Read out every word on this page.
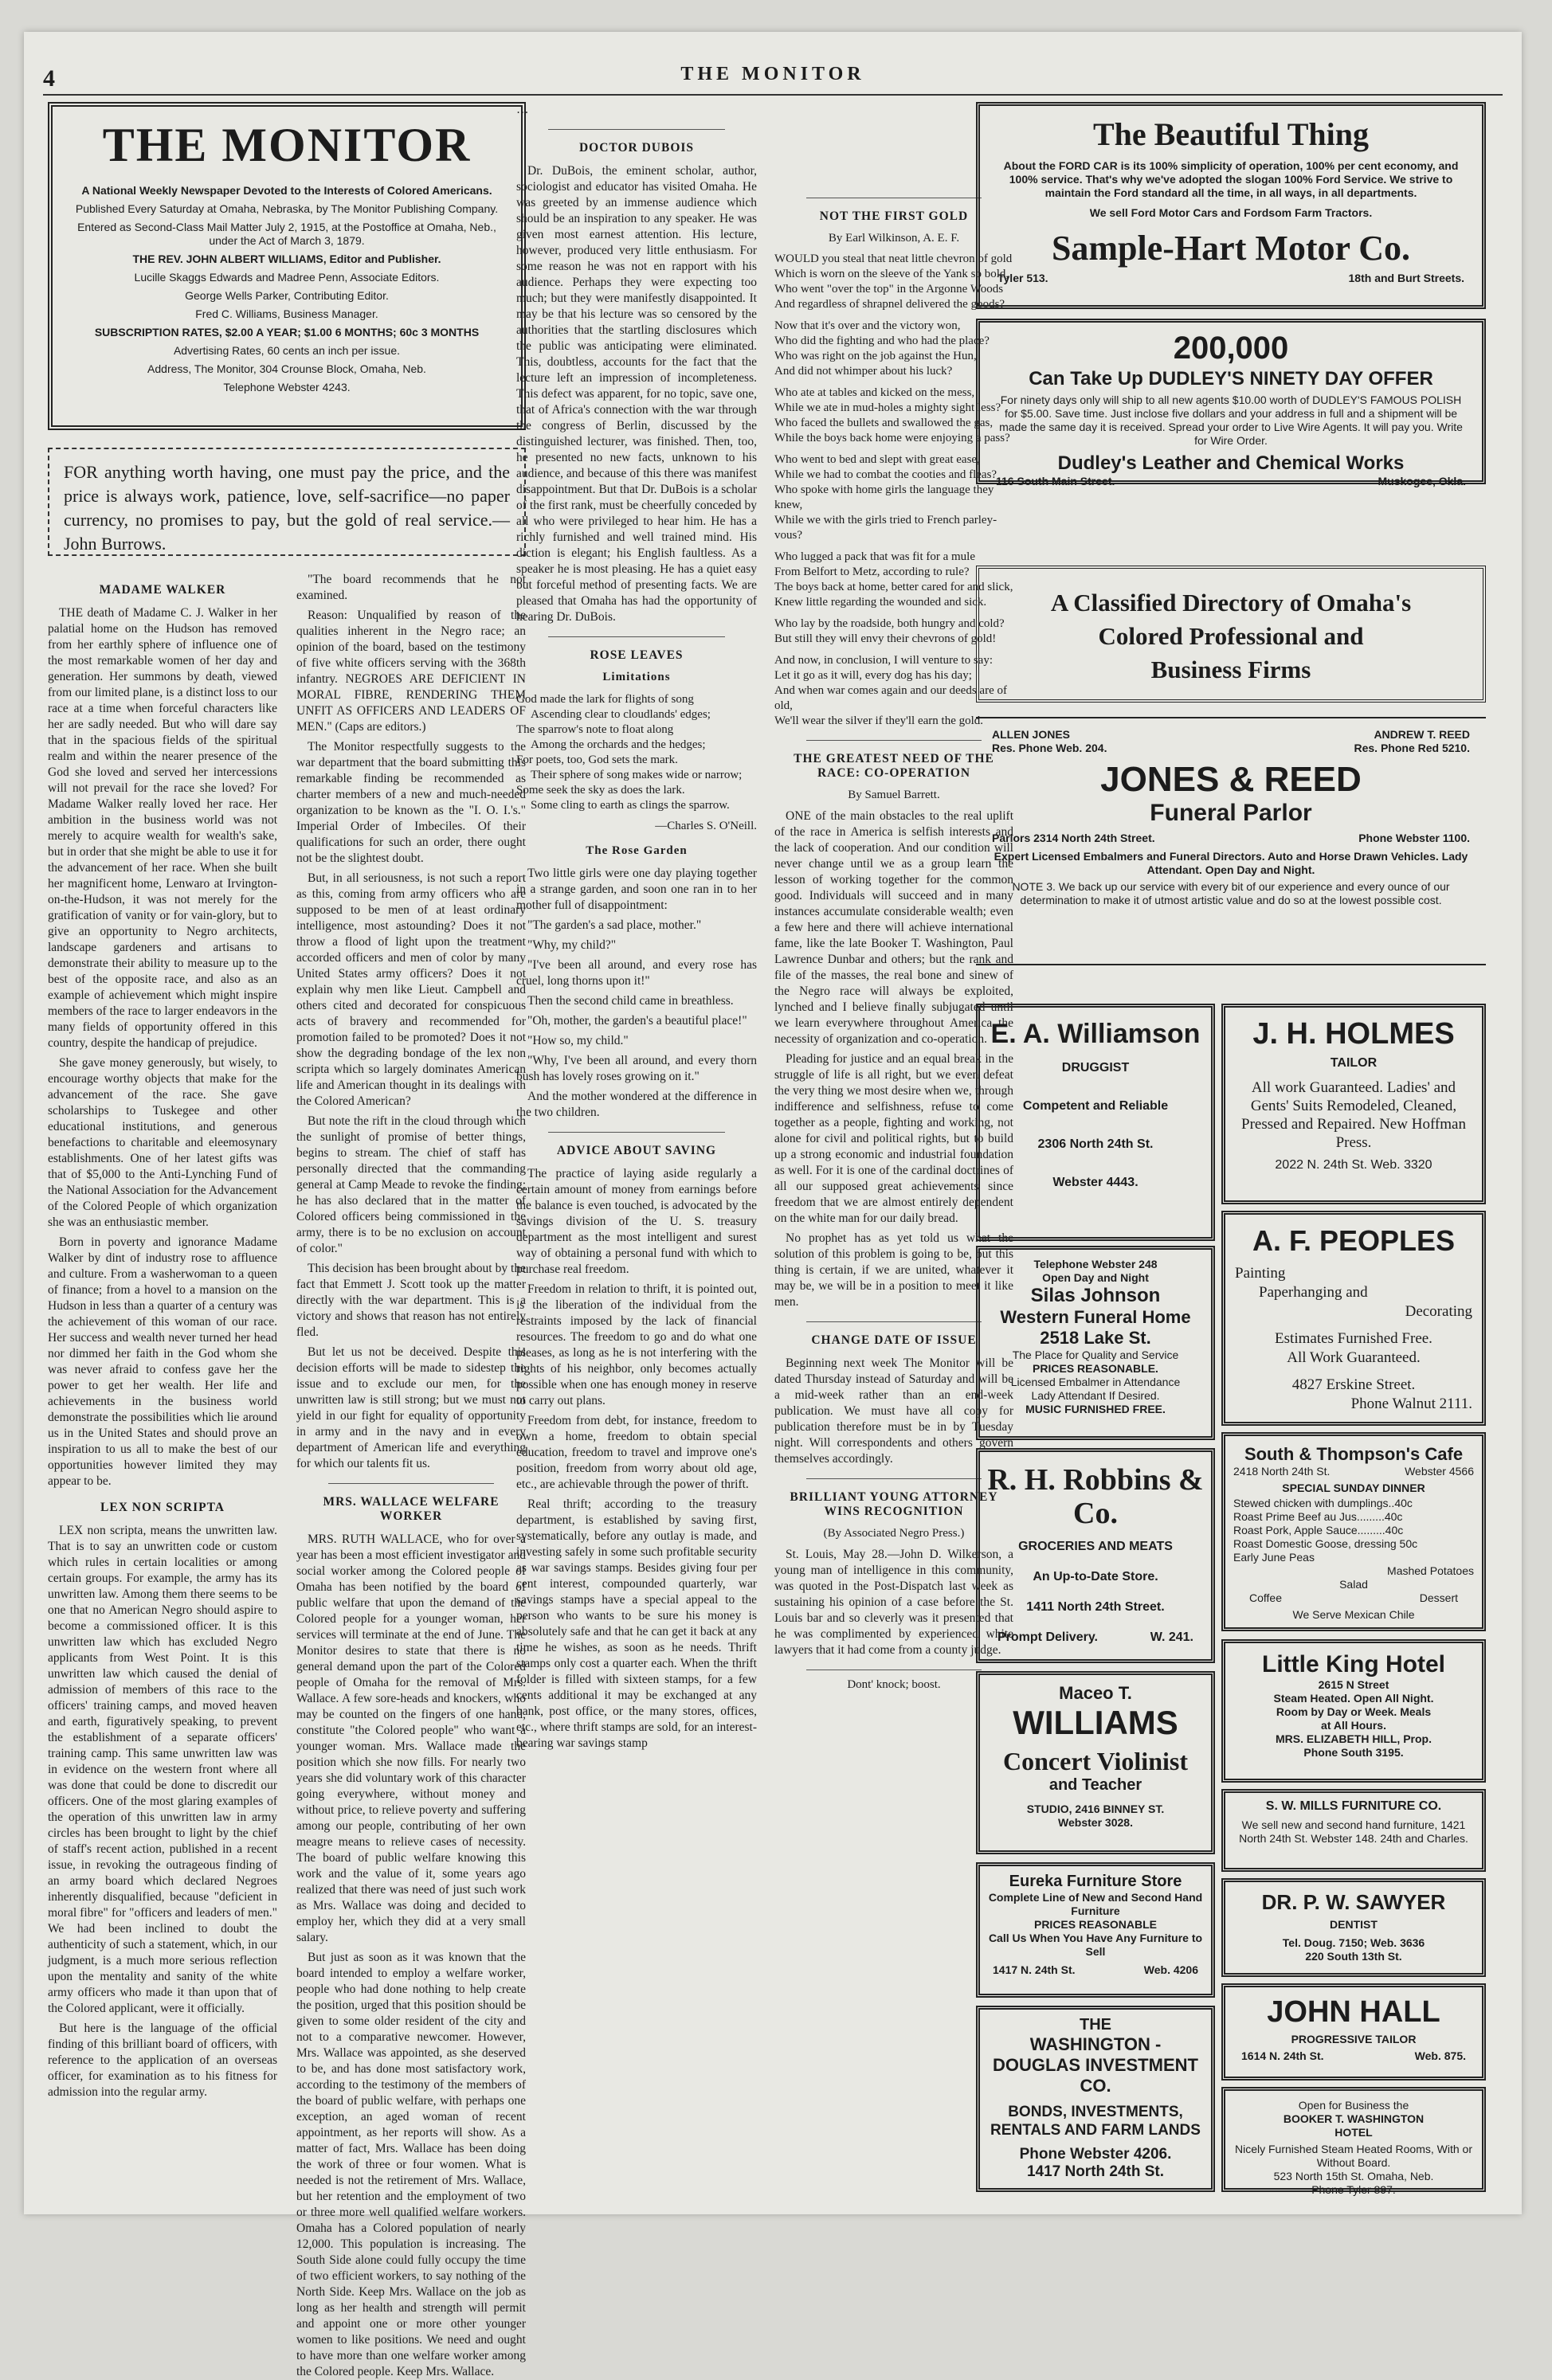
4	THE MONITOR
THE MONITOR
A National Weekly Newspaper Devoted to the Interests of Colored Americans.
Published Every Saturday at Omaha, Nebraska, by The Monitor Publishing Company.
Entered as Second-Class Mail Matter July 2, 1915, at the Postoffice at Omaha, Neb., under the Act of March 3, 1879.
THE REV. JOHN ALBERT WILLIAMS, Editor and Publisher.
Lucille Skaggs Edwards and Madree Penn, Associate Editors.
George Wells Parker, Contributing Editor.
Fred C. Williams, Business Manager.
SUBSCRIPTION RATES, $2.00 A YEAR; $1.00 6 MONTHS; 60c 3 MONTHS
Advertising Rates, 60 cents an inch per issue.
Address, The Monitor, 304 Crounse Block, Omaha, Neb.
Telephone Webster 4243.
FOR anything worth having, one must pay the price, and the price is always work, patience, love, self-sacrifice—no paper currency, no promises to pay, but the gold of real service.—John Burrows.
MADAME WALKER

THE death of Madame C. J. Walker in her palatial home on the Hudson has removed from her earthly sphere of influence one of the most remarkable women of her day and generation. Her summons by death, viewed from our limited plane, is a distinct loss to our race at a time when forceful characters like her are sadly needed. But who will dare say that in the spacious fields of the spiritual realm and within the nearer presence of the God she loved and served her intercessions will not prevail for the race she loved? For Madame Walker really loved her race. Her ambition in the business world was not merely to acquire wealth for wealth's sake, but in order that she might be able to use it for the advancement of her race. When she built her magnificent home, Lenwaro at Irvington-on-the-Hudson, it was not merely for the gratification of vanity or for vain-glory, but to give an opportunity to Negro architects, landscape gardeners and artisans to demonstrate their ability to measure up to the best of the opposite race, and also as an example of achievement which might inspire members of the race to larger endeavors in the many fields of opportunity offered in this country, despite the handicap of prejudice.

She gave money generously, but wisely, to encourage worthy objects that make for the advancement of the race. She gave scholarships to Tuskegee and other educational institutions, and generous benefactions to charitable and eleemosynary establishments. One of her latest gifts was that of $5,000 to the Anti-Lynching Fund of the National Association for the Advancement of the Colored People of which organization she was an enthusiastic member.

Born in poverty and ignorance Madame Walker by dint of industry rose to affluence and culture. From a washerwoman to a queen of finance; from a hovel to a mansion on the Hudson in less than a quarter of a century was the achievement of this woman of our race. Her success and wealth never turned her head nor dimmed her faith in the God whom she was never afraid to confess gave her the power to get her wealth. Her life and achievements in the business world demonstrate the possibilities which lie around us in the United States and should prove an inspiration to us all to make the best of our opportunities however limited they may appear to be.

LEX NON SCRIPTA

LEX non scripta, means the unwritten law. That is to say an unwritten code or custom which rules in certain localities or among certain groups. For example, the army has its unwritten law. Among them there seems to be one that no American Negro should aspire to become a commissioned officer. It is this unwritten law which has excluded Negro applicants from West Point. It is this unwritten law which caused the denial of admission of members of this race to the officers' training camps, and moved heaven and earth, figuratively speaking, to prevent the establishment of a separate officers' training camp. This same unwritten law was in evidence on the western front where all was done that could be done to discredit our officers. One of the most glaring examples of the operation of this unwritten law in army circles has been brought to light by the chief of staff's recent action, published in a recent issue, in revoking the outrageous finding of an army board which declared Negroes inherently disqualified, because "deficient in moral fibre" for "officers and leaders of men." We had been inclined to doubt the authenticity of such a statement, which, in our judgment, is a much more serious reflection upon the mentality and sanity of the white army officers who made it than upon that of the Colored applicant, were it officially.

But here is the language of the official finding of this brilliant board of officers, with reference to the application of an overseas officer, for examination as to his fitness for admission into the regular army.

"The board recommends that he not examined.

Reason: Unqualified by reason of the qualities inherent in the Negro race; an opinion of the board, based on the testimony of five white officers serving with the 368th infantry. NEGROES ARE DEFICIENT IN MORAL FIBRE, RENDERING THEM UNFIT AS OFFICERS AND LEADERS OF MEN." (Caps are editors.)

The Monitor respectfully suggests to the war department that the board submitting this remarkable finding be recommended as charter members of a new and much-needed organization to be known as the "I. O. I.'s." Imperial Order of Imbeciles. Of their qualifications for such an order, there ought not be the slightest doubt.

But, in all seriousness, is not such a report as this, coming from army officers who are supposed to be men of at least ordinary intelligence, most astounding? Does it not throw a flood of light upon the treatment accorded officers and men of color by many United States army officers? Does it not explain why men like Lieut. Campbell and others cited and decorated for conspicuous acts of bravery and recommended for promotion failed to be promoted? Does it not show the degrading bondage of the lex non scripta which so largely dominates American life and American thought in its dealings with the Colored American?

But note the rift in the cloud through which the sunlight of promise of better things, begins to stream. The chief of staff has personally directed that the commanding general at Camp Meade to revoke the finding; he has also declared that in the matter of Colored officers being commissioned in the army, there is to be no exclusion on account of color."

This decision has been brought about by the fact that Emmett J. Scott took up the matter directly with the war department. This is a victory and shows that reason has not entirely fled.

But let us not be deceived. Despite this decision efforts will be made to sidestep the issue and to exclude our men, for the unwritten law is still strong; but we must not yield in our fight for equality of opportunity in army and in the navy and in every department of American life and everything for which our talents fit us.

MRS. WALLACE WELFARE WORKER

MRS. RUTH WALLACE, who for over a year has been a most efficient investigator and social worker among the Colored people of Omaha has been notified by the board of public welfare that upon the demand of the Colored people for a younger woman, her services will terminate at the end of June. The Monitor desires to state that there is no general demand upon the part of the Colored people of Omaha for the removal of Mrs. Wallace. A few sore-heads and knockers, who may be counted on the fingers of one hand, constitute "the Colored people" who want a younger woman. Mrs. Wallace made the position which she now fills. For nearly two years she did voluntary work of this character going everywhere, without money and without price, to relieve poverty and suffering among our people, contributing of her own meagre means to relieve cases of necessity. The board of public welfare knowing this work and the value of it, some years ago realized that there was need of just such work as Mrs. Wallace was doing and decided to employ her, which they did at a very small salary.

But just as soon as it was known that the board intended to employ a welfare worker, people who had done nothing to help create the position, urged that this position should be given to some older resident of the city and not to a comparative newcomer. However, Mrs. Wallace was appointed, as she deserved to be, and has done most satisfactory work, according to the testimony of the members of the board of public welfare, with perhaps one exception, an aged woman of recent appointment, as her reports will show. As a matter of fact, Mrs. Wallace has been doing the work of three or four women. What is needed is not the retirement of Mrs. Wallace, but her retention and the employment of two or three more well qualified welfare workers. Omaha has a Colored population of nearly 12,000. This population is increasing. The South Side alone could fully occupy the time of two efficient workers, to say nothing of the North Side. Keep Mrs. Wallace on the job as long as her health and strength will permit and appoint one or more other younger women to like positions. We need and ought to have more than one welfare worker among the Colored people. Keep Mrs. Wallace.

…

DOCTOR DUBOIS

Dr. DuBois, the eminent scholar, author, sociologist and educator has visited Omaha. He was greeted by an immense audience which should be an inspiration to any speaker. He was given most earnest attention. His lecture, however, produced very little enthusiasm. For some reason he was not en rapport with his audience. Perhaps they were expecting too much; but they were manifestly disappointed. It may be that his lecture was so censored by the authorities that the startling disclosures which the public was anticipating were eliminated. This, doubtless, accounts for the fact that the lecture left an impression of incompleteness. This defect was apparent, for no topic, save one, that of Africa's connection with the war through the congress of Berlin, discussed by the distinguished lecturer, was finished. Then, too, he presented no new facts, unknown to his audience, and because of this there was manifest disappointment. But that Dr. DuBois is a scholar of the first rank, must be cheerfully conceded by all who were privileged to hear him. He has a richly furnished and well trained mind. His diction is elegant; his English faultless. As a speaker he is most pleasing. He has a quiet easy but forceful method of presenting facts. We are pleased that Omaha has had the opportunity of hearing Dr. DuBois.

ROSE LEAVES
Limitations
God made the lark for flights of song
Ascending clear to cloudlands' edges;
The sparrow's note to float along
Among the orchards and the hedges;
For poets, too, God sets the mark.
Their sphere of song makes wide or narrow;
Some seek the sky as does the lark.
Some cling to earth as clings the sparrow.
—Charles S. O'Neill.
The Rose Garden

Two little girls were one day playing together in a strange garden, and soon one ran in to her mother full of disappointment:

"The garden's a sad place, mother."

"Why, my child?"

"I've been all around, and every rose has cruel, long thorns upon it!"

Then the second child came in breathless.

"Oh, mother, the garden's a beautiful place!"

"How so, my child."

"Why, I've been all around, and every thorn bush has lovely roses growing on it."

And the mother wondered at the difference in the two children.

ADVICE ABOUT SAVING

The practice of laying aside regularly a certain amount of money from earnings before the balance is even touched, is advocated by the savings division of the U. S. treasury department as the most intelligent and surest way of obtaining a personal fund with which to purchase real freedom.

Freedom in relation to thrift, it is pointed out, is the liberation of the individual from the restraints imposed by the lack of financial resources. The freedom to go and do what one pleases, as long as he is not interfering with the rights of his neighbor, only becomes actually possible when one has enough money in reserve to carry out plans.

Freedom from debt, for instance, freedom to own a home, freedom to obtain special education, freedom to travel and improve one's position, freedom from worry about old age, etc., are achievable through the power of thrift.

Real thrift; according to the treasury department, is established by saving first, systematically, before any outlay is made, and investing safely in some such profitable security as war savings stamps. Besides giving four per cent interest, compounded quarterly, war savings stamps have a special appeal to the person who wants to be sure his money is absolutely safe and that he can get it back at any time he wishes, as soon as he needs. Thrift stamps only cost a quarter each. When the thrift folder is filled with sixteen stamps, for a few cents additional it may be exchanged at any bank, post office, or the many stores, offices, etc., where thrift stamps are sold, for an interest-bearing war savings stamp

NOT THE FIRST GOLD
By Earl Wilkinson, A. E. F.
WOULD you steal that neat little chevron of gold
Which is worn on the sleeve of the Yank so bold,
Who went "over the top" in the Argonne Woods
And regardless of shrapnel delivered the goods?
Now that it's over and the victory won,
Who did the fighting and who had the place?
Who was right on the job against the Hun,
And did not whimper about his luck?
Who ate at tables and kicked on the mess,
While we ate in mud-holes a mighty sight less?
Who faced the bullets and swallowed the gas,
While the boys back home were enjoying a pass?
Who went to bed and slept with great ease,
While we had to combat the cooties and fleas?
Who spoke with home girls the language they knew,
While we with the girls tried to French parley-vous?
Who lugged a pack that was fit for a mule
From Belfort to Metz, according to rule?
The boys back at home, better cared for and slick,
Knew little regarding the wounded and sick.
Who lay by the roadside, both hungry and cold?
But still they will envy their chevrons of gold!
And now, in conclusion, I will venture to say:
Let it go as it will, every dog has his day;
And when war comes again and our deeds are of old,
We'll wear the silver if they'll earn the gold.
THE GREATEST NEED OF THE RACE: CO-OPERATION
By Samuel Barrett.

ONE of the main obstacles to the real uplift of the race in America is selfish interests and the lack of cooperation. And our condition will never change until we as a group learn the lesson of working together for the common good. Individuals will succeed and in many instances accumulate considerable wealth; even a few here and there will achieve international fame, like the late Booker T. Washington, Paul Lawrence Dunbar and others; but the rank and file of the masses, the real bone and sinew of the Negro race will always be exploited, lynched and I believe finally subjugated until we learn everywhere throughout America the necessity of organization and co-operation.

Pleading for justice and an equal break in the struggle of life is all right, but we even defeat the very thing we most desire when we, through indifference and selfishness, refuse to come together as a people, fighting and working, not alone for civil and political rights, but to build up a strong economic and industrial foundation as well. For it is one of the cardinal doctrines of all our supposed great achievements since freedom that we are almost entirely dependent on the white man for our daily bread.

No prophet has as yet told us what the solution of this problem is going to be, but this thing is certain, if we are united, whatever it may be, we will be in a position to meet it like men.

CHANGE DATE OF ISSUE

Beginning next week The Monitor will be dated Thursday instead of Saturday and will be a mid-week rather than an end-week publication. We must have all copy for publication therefore must be in by Tuesday night. Will correspondents and others govern themselves accordingly.

BRILLIANT YOUNG ATTORNEY WINS RECOGNITION
(By Associated Negro Press.)

St. Louis, May 28.—John D. Wilkerson, a young man of intelligence in this community, was quoted in the Post-Dispatch last week as sustaining his opinion of a case before the St. Louis bar and so cleverly was it presented that he was complimented by experienced white lawyers that it had come from a county judge.

Dont' knock; boost.
The Beautiful Thing
About the FORD CAR is its 100% simplicity of operation, 100% per cent economy, and 100% service. That's why we've adopted the slogan 100% Ford Service. We strive to maintain the Ford standard all the time, in all ways, in all departments.
We sell Ford Motor Cars and Fordsom Farm Tractors.
Sample-Hart Motor Co.
Tyler 513.	18th and Burt Streets.
200,000
Can Take Up DUDLEY'S NINETY DAY OFFER
For ninety days only will ship to all new agents $10.00 worth of DUDLEY'S FAMOUS POLISH for $5.00. Save time. Just inclose five dollars and your address in full and a shipment will be made the same day it is received. Spread your order to Live Wire Agents. It will pay you. Write for Wire Order.
Dudley's Leather and Chemical Works
116 South Main Street.	Muskogee, Okla.
A Classified Directory of Omaha's
Colored Professional and
Business Firms
ALLEN JONES	ANDREW T. REED
Res. Phone Web. 204.	Res. Phone Red 5210.
JONES & REED
Funeral Parlor
Parlors 2314 North 24th Street.	Phone Webster 1100.
Expert Licensed Embalmers and Funeral Directors. Auto and Horse Drawn Vehicles. Lady Attendant. Open Day and Night.
NOTE 3. We back up our service with every bit of our experience and every ounce of our determination to make it of utmost artistic value and do so at the lowest possible cost.
E. A. Williamson
DRUGGIST
Competent and Reliable
2306 North 24th St.
Webster 4443.
Telephone Webster 248
Open Day and Night
Silas Johnson
Western Funeral Home
2518 Lake St.
The Place for Quality and Service
PRICES REASONABLE.
Licensed Embalmer in Attendance
Lady Attendant If Desired.
MUSIC FURNISHED FREE.
R. H. Robbins & Co.
GROCERIES AND MEATS
An Up-to-Date Store.
1411 North 24th Street.
Prompt Delivery.	W. 241.
Maceo T.
WILLIAMS
Concert Violinist
and Teacher
STUDIO, 2416 BINNEY ST.
Webster 3028.
Eureka Furniture Store
Complete Line of New and Second Hand Furniture
PRICES REASONABLE
Call Us When You Have Any Furniture to Sell
1417 N. 24th St.	Web. 4206
THE
WASHINGTON - DOUGLAS INVESTMENT CO.
BONDS, INVESTMENTS, RENTALS AND FARM LANDS
Phone Webster 4206.
1417 North 24th St.
J. H. HOLMES
TAILOR
All work Guaranteed. Ladies' and Gents' Suits Remodeled, Cleaned, Pressed and Repaired. New Hoffman Press.
2022 N. 24th St. Web. 3320
A. F. PEOPLES
Painting
Paperhanging and
Decorating
Estimates Furnished Free.
All Work Guaranteed.
4827 Erskine Street.
Phone Walnut 2111.
South & Thompson's Cafe
2418 North 24th St.	Webster 4566
SPECIAL SUNDAY DINNER
Stewed chicken with dumplings..40c
Roast Prime Beef au Jus.........40c
Roast Pork, Apple Sauce.........40c
Roast Domestic Goose, dressing 50c
Early June Peas
Mashed Potatoes
Salad
Coffee	Dessert
We Serve Mexican Chile
Little King Hotel
2615 N Street
Steam Heated. Open All Night.
Room by Day or Week. Meals
at All Hours.
MRS. ELIZABETH HILL, Prop.
Phone South 3195.
S. W. MILLS FURNITURE CO.
We sell new and second hand furniture, 1421 North 24th St. Webster 148. 24th and Charles.
DR. P. W. SAWYER
DENTIST
Tel. Doug. 7150; Web. 3636
220 South 13th St.
JOHN HALL
PROGRESSIVE TAILOR
1614 N. 24th St.	Web. 875.
Open for Business the
BOOKER T. WASHINGTON
HOTEL
Nicely Furnished Steam Heated Rooms, With or Without Board.
523 North 15th St. Omaha, Neb.
Phone Tyler 897.
